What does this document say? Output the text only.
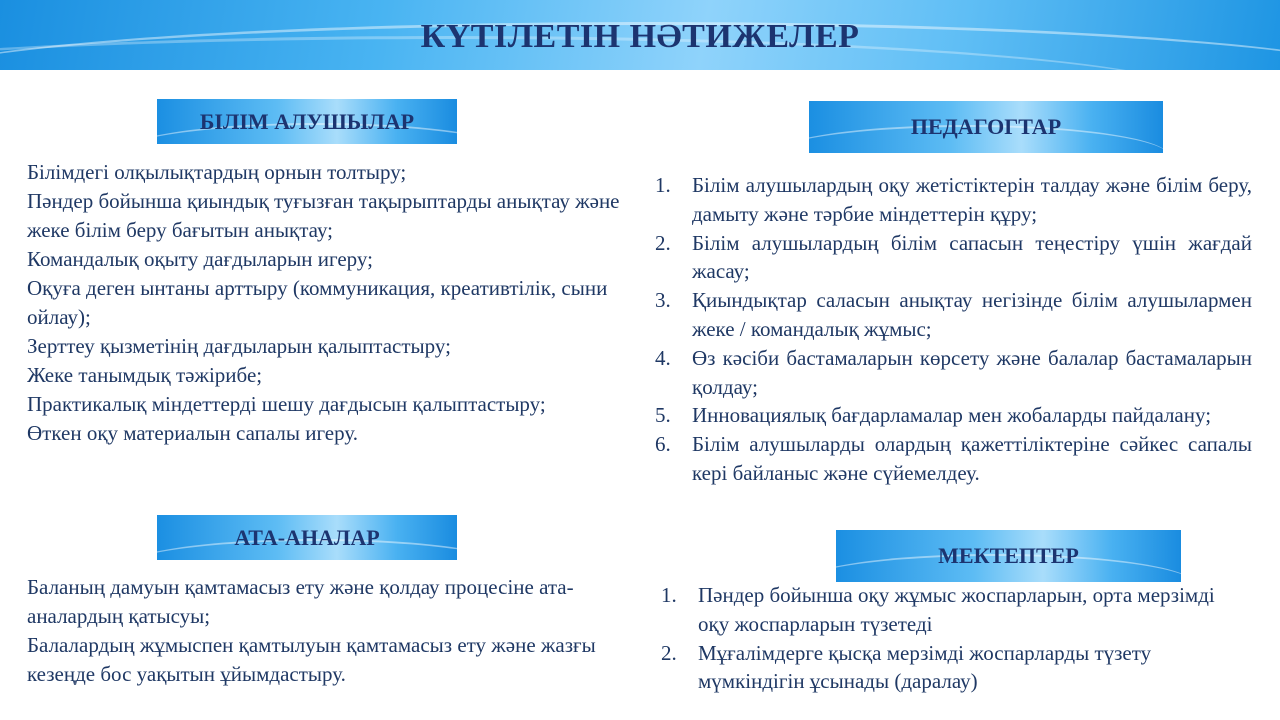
КҮТІЛЕТІН НӘТИЖЕЛЕР
БІЛІМ АЛУШЫЛАР
Білімдегі олқылықтардың орнын толтыру;
Пәндер бойынша қиындық туғызған тақырыптарды анықтау және жеке білім беру бағытын анықтау;
Командалық оқыту дағдыларын игеру;
Оқуға деген ынтаны арттыру (коммуникация, креативтілік, сыни ойлау);
Зерттеу қызметінің дағдыларын қалыптастыру;
Жеке танымдық тәжірибе;
Практикалық міндеттерді шешу дағдысын қалыптастыру;
Өткен оқу материалын сапалы игеру.
ПЕДАГОГТАР
1. Білім алушылардың оқу жетістіктерін талдау және білім беру, дамыту және тәрбие міндеттерін құру;
2. Білім алушылардың білім сапасын теңестіру үшін жағдай жасау;
3. Қиындықтар саласын анықтау негізінде білім алушылармен жеке / командалық жұмыс;
4. Өз кәсіби бастамаларын көрсету және балалар бастамаларын қолдау;
5. Инновациялық бағдарламалар мен жобаларды пайдалану;
6. Білім алушыларды олардың қажеттіліктеріне сәйкес сапалы кері байланыс және сүйемелдеу.
АТА-АНАЛАР
Баланың дамуын қамтамасыз ету және қолдау процесіне ата-аналардың қатысуы;
Балалардың жұмыспен қамтылуын қамтамасыз ету және жазғы кезеңде бос уақытын ұйымдастыру.
МЕКТЕПТЕР
1. Пәндер бойынша оқу жұмыс жоспарларын, орта мерзімді оқу жоспарларын түзетеді
2. Мұғалімдерге қысқа мерзімді жоспарларды түзету мүмкіндігін ұсынады (даралау)
